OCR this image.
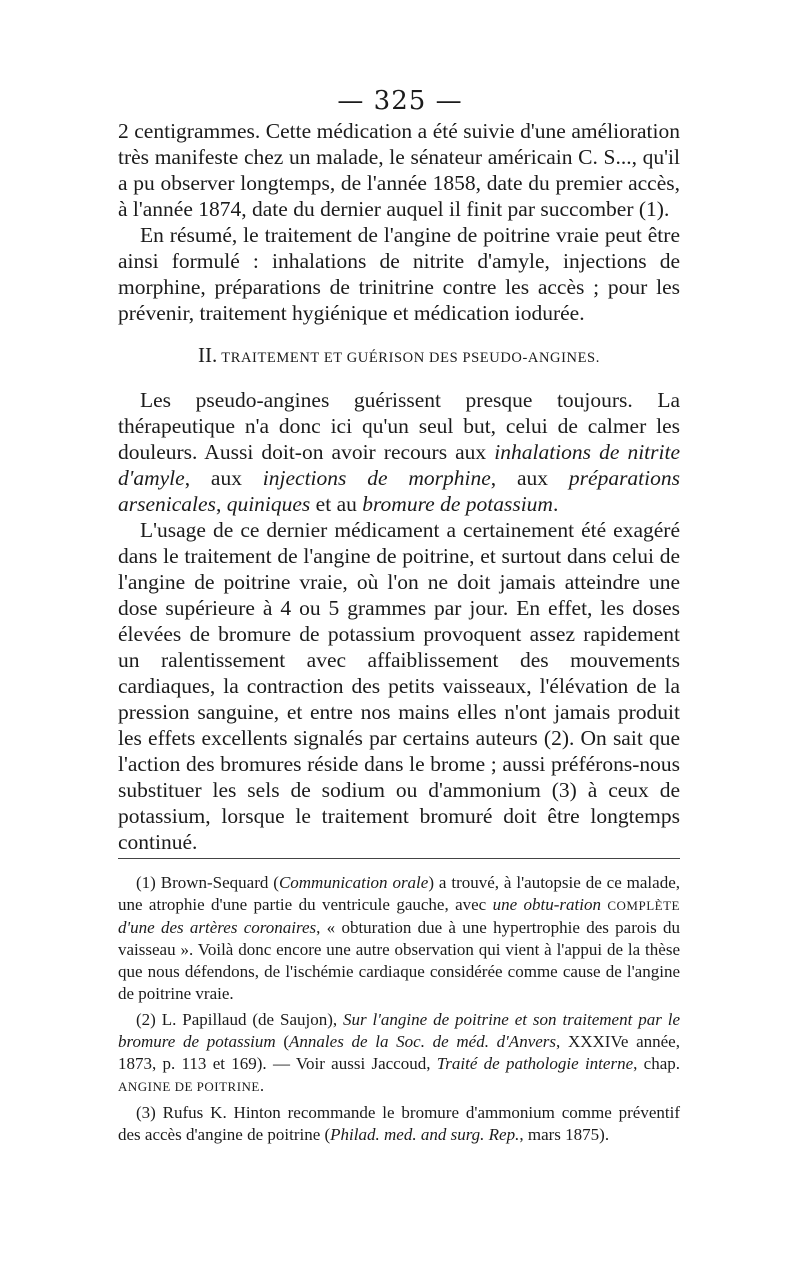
— 325 —

2 centigrammes. Cette médication a été suivie d'une amélioration très manifeste chez un malade, le sénateur américain C. S..., qu'il a pu observer longtemps, de l'année 1858, date du premier accès, à l'année 1874, date du dernier auquel il finit par succomber (1).

En résumé, le traitement de l'angine de poitrine vraie peut être ainsi formulé : inhalations de nitrite d'amyle, injections de morphine, préparations de trinitrine contre les accès ; pour les prévenir, traitement hygiénique et médication iodurée.

II. TRAITEMENT ET GUÉRISON DES PSEUDO-ANGINES.

Les pseudo-angines guérissent presque toujours. La thérapeutique n'a donc ici qu'un seul but, celui de calmer les douleurs. Aussi doit-on avoir recours aux inhalations de nitrite d'amyle, aux injections de morphine, aux préparations arsenicales, quiniques et au bromure de potassium.

L'usage de ce dernier médicament a certainement été exagéré dans le traitement de l'angine de poitrine, et surtout dans celui de l'angine de poitrine vraie, où l'on ne doit jamais atteindre une dose supérieure à 4 ou 5 grammes par jour. En effet, les doses élevées de bromure de potassium provoquent assez rapidement un ralentissement avec affaiblissement des mouvements cardiaques, la contraction des petits vaisseaux, l'élévation de la pression sanguine, et entre nos mains elles n'ont jamais produit les effets excellents signalés par certains auteurs (2). On sait que l'action des bromures réside dans le brome ; aussi préférons-nous substituer les sels de sodium ou d'ammonium (3) à ceux de potassium, lorsque le traitement bromuré doit être longtemps continué.

(1) Brown-Sequard (Communication orale) a trouvé, à l'autopsie de ce malade, une atrophie d'une partie du ventricule gauche, avec une obtu-ration COMPLÈTE d'une des artères coronaires, « obturation due à une hypertrophie des parois du vaisseau ». Voilà donc encore une autre observation qui vient à l'appui de la thèse que nous défendons, de l'ischémie cardiaque considérée comme cause de l'angine de poitrine vraie.

(2) L. Papillaud (de Saujon), Sur l'angine de poitrine et son traitement par le bromure de potassium (Annales de la Soc. de méd. d'Anvers, XXXIVe année, 1873, p. 113 et 169). — Voir aussi Jaccoud, Traité de pathologie interne, chap. ANGINE DE POITRINE.

(3) Rufus K. Hinton recommande le bromure d'ammonium comme préventif des accès d'angine de poitrine (Philad. med. and surg. Rep., mars 1875).
